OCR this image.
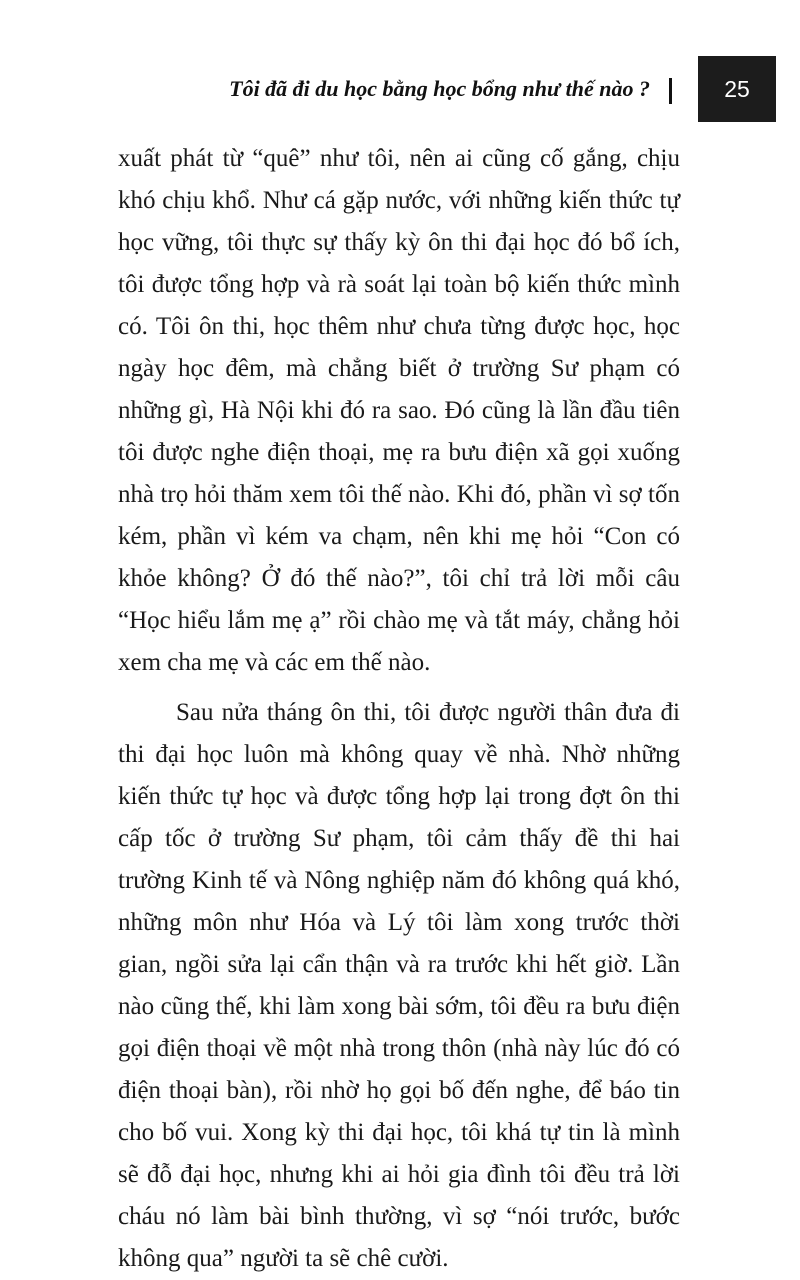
Tôi đã đi du học bằng học bổng như thế nào ?	25

xuất phát từ “quê” như tôi, nên ai cũng cố gắng, chịu khó chịu khổ. Như cá gặp nước, với những kiến thức tự học vững, tôi thực sự thấy kỳ ôn thi đại học đó bổ ích, tôi được tổng hợp và rà soát lại toàn bộ kiến thức mình có. Tôi ôn thi, học thêm như chưa từng được học, học ngày học đêm, mà chẳng biết ở trường Sư phạm có những gì, Hà Nội khi đó ra sao. Đó cũng là lần đầu tiên tôi được nghe điện thoại, mẹ ra bưu điện xã gọi xuống nhà trọ hỏi thăm xem tôi thế nào. Khi đó, phần vì sợ tốn kém, phần vì kém va chạm, nên khi mẹ hỏi “Con có khỏe không? Ở đó thế nào?”, tôi chỉ trả lời mỗi câu “Học hiểu lắm mẹ ạ” rồi chào mẹ và tắt máy, chẳng hỏi xem cha mẹ và các em thế nào.

Sau nửa tháng ôn thi, tôi được người thân đưa đi thi đại học luôn mà không quay về nhà. Nhờ những kiến thức tự học và được tổng hợp lại trong đợt ôn thi cấp tốc ở trường Sư phạm, tôi cảm thấy đề thi hai trường Kinh tế và Nông nghiệp năm đó không quá khó, những môn như Hóa và Lý tôi làm xong trước thời gian, ngồi sửa lại cẩn thận và ra trước khi hết giờ. Lần nào cũng thế, khi làm xong bài sớm, tôi đều ra bưu điện gọi điện thoại về một nhà trong thôn (nhà này lúc đó có điện thoại bàn), rồi nhờ họ gọi bố đến nghe, để báo tin cho bố vui. Xong kỳ thi đại học, tôi khá tự tin là mình sẽ đỗ đại học, nhưng khi ai hỏi gia đình tôi đều trả lời cháu nó làm bài bình thường, vì sợ “nói trước, bước không qua” người ta sẽ chê cười.
